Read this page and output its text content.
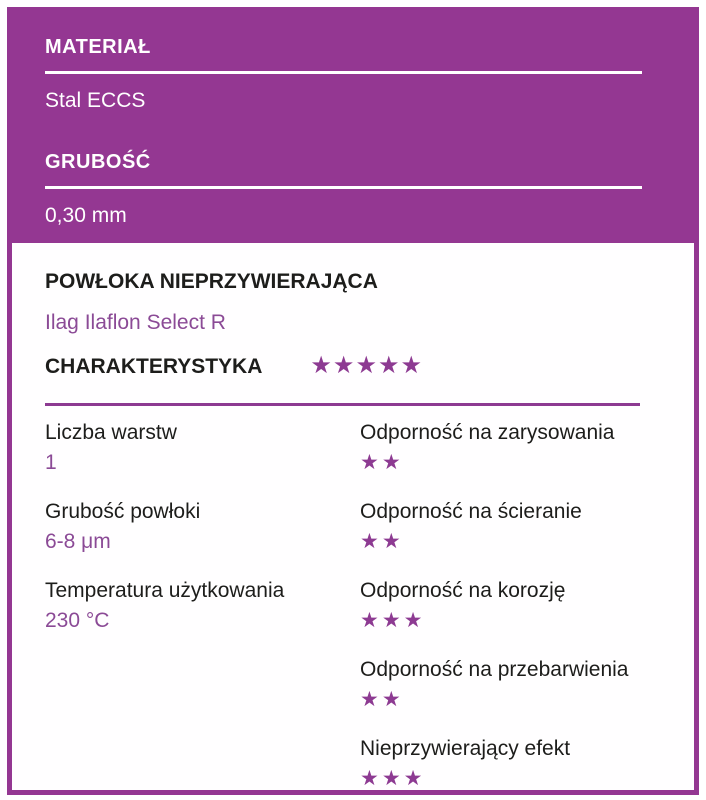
MATERIAŁ

Stal ECCS

GRUBOŚĆ

0,30 mm

POWŁOKA NIEPRZYWIERAJĄCA

Ilag Ilaflon Select R

CHARAKTERYSTYKA ★★★★★
Liczba warstw
1
Grubość powłoki
6-8 μm
Temperatura użytkowania
230 °C
Odporność na zarysowania
★★
Odporność na ścieranie
★★
Odporność na korozję
★★★
Odporność na przebarwienia
★★
Nieprzywierający efekt
★★★
